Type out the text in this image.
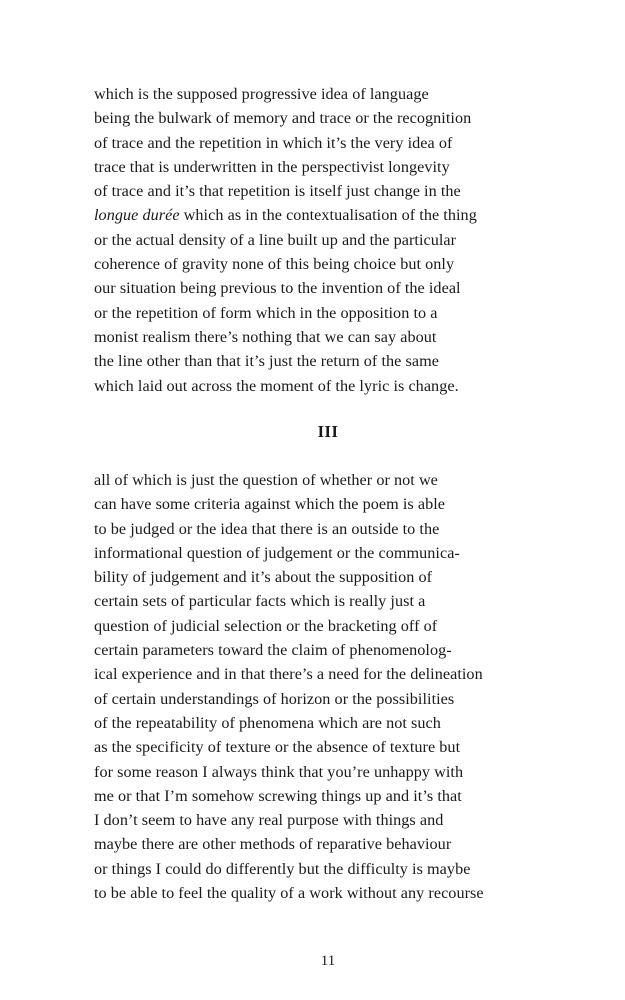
which is the supposed progressive idea of language
being the bulwark of memory and trace or the recognition
of trace and the repetition in which it’s the very idea of
trace that is underwritten in the perspectivist longevity
of trace and it’s that repetition is itself just change in the
longue durée which as in the contextualisation of the thing
or the actual density of a line built up and the particular
coherence of gravity none of this being choice but only
our situation being previous to the invention of the ideal
or the repetition of form which in the opposition to a
monist realism there’s nothing that we can say about
the line other than that it’s just the return of the same
which laid out across the moment of the lyric is change.
III
all of which is just the question of whether or not we
can have some criteria against which the poem is able
to be judged or the idea that there is an outside to the
informational question of judgement or the communica-
bility of judgement and it’s about the supposition of
certain sets of particular facts which is really just a
question of judicial selection or the bracketing off of
certain parameters toward the claim of phenomenolog-
ical experience and in that there’s a need for the delineation
of certain understandings of horizon or the possibilities
of the repeatability of phenomena which are not such
as the specificity of texture or the absence of texture but
for some reason I always think that you’re unhappy with
me or that I’m somehow screwing things up and it’s that
I don’t seem to have any real purpose with things and
maybe there are other methods of reparative behaviour
or things I could do differently but the difficulty is maybe
to be able to feel the quality of a work without any recourse

11
